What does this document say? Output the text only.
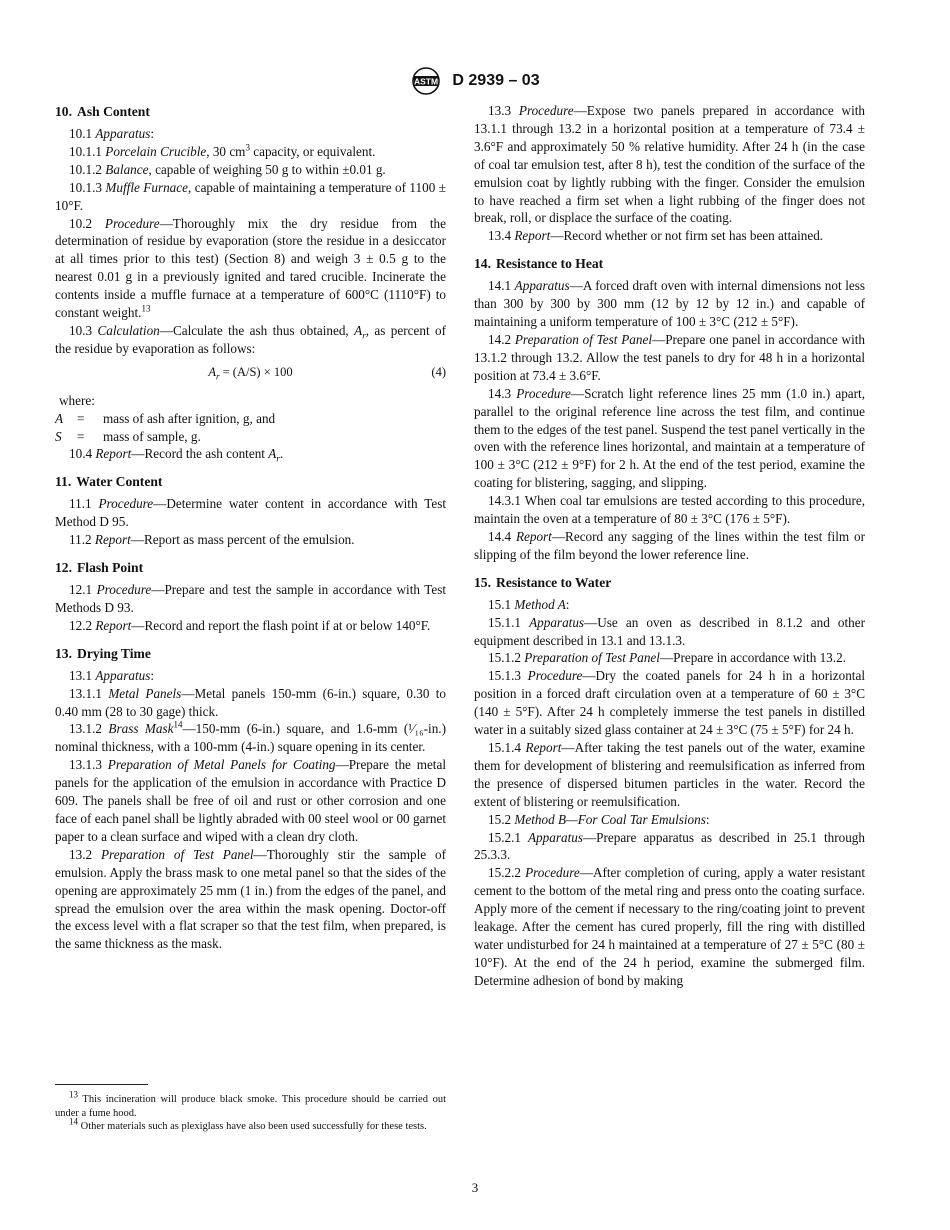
ASTM D 2939 – 03
10. Ash Content

10.1 Apparatus:

10.1.1 Porcelain Crucible, 30 $cm^3$ capacity, or equivalent.

10.1.2 Balance, capable of weighing 50 g to within ±0.01 g.

10.1.3 Muffle Furnace, capable of maintaining a temperature of 1100 ± 10°F.

10.2 Procedure—Thoroughly mix the dry residue from the determination of residue by evaporation (store the residue in a desiccator at all times prior to this test) (Section 8) and weigh 3 ± 0.5 g to the nearest 0.01 g in a previously ignited and tared crucible. Incinerate the contents inside a muffle furnace at a temperature of 600°C (1110°F) to constant weight.$^{13}$

10.3 Calculation—Calculate the ash thus obtained, $A_r$, as percent of the residue by evaporation as follows:

$A_r = (A/S) \times 100$	(4)

where:

A	=	mass of ash after ignition, g, and
S	=	mass of sample, g.

10.4 Report—Record the ash content $A_r$.

11. Water Content

11.1 Procedure—Determine water content in accordance with Test Method D 95.

11.2 Report—Report as mass percent of the emulsion.

12. Flash Point

12.1 Procedure—Prepare and test the sample in accordance with Test Methods D 93.

12.2 Report—Record and report the flash point if at or below 140°F.

13. Drying Time

13.1 Apparatus:

13.1.1 Metal Panels—Metal panels 150-mm (6-in.) square, 0.30 to 0.40 mm (28 to 30 gage) thick.

13.1.2 Brass Mask$^{14}$—150-mm (6-in.) square, and 1.6-mm (¹⁄₁₆-in.) nominal thickness, with a 100-mm (4-in.) square opening in its center.

13.1.3 Preparation of Metal Panels for Coating—Prepare the metal panels for the application of the emulsion in accordance with Practice D 609. The panels shall be free of oil and rust or other corrosion and one face of each panel shall be lightly abraded with 00 steel wool or 00 garnet paper to a clean surface and wiped with a clean dry cloth.

13.2 Preparation of Test Panel—Thoroughly stir the sample of emulsion. Apply the brass mask to one metal panel so that the sides of the opening are approximately 25 mm (1 in.) from the edges of the panel, and spread the emulsion over the area within the mask opening. Doctor-off the excess level with a flat scraper so that the test film, when prepared, is the same thickness as the mask.

13.3 Procedure—Expose two panels prepared in accordance with 13.1.1 through 13.2 in a horizontal position at a temperature of 73.4 ± 3.6°F and approximately 50 % relative humidity. After 24 h (in the case of coal tar emulsion test, after 8 h), test the condition of the surface of the emulsion coat by lightly rubbing with the finger. Consider the emulsion to have reached a firm set when a light rubbing of the finger does not break, roll, or displace the surface of the coating.

13.4 Report—Record whether or not firm set has been attained.

14. Resistance to Heat

14.1 Apparatus—A forced draft oven with internal dimensions not less than 300 by 300 by 300 mm (12 by 12 by 12 in.) and capable of maintaining a uniform temperature of 100 ± 3°C (212 ± 5°F).

14.2 Preparation of Test Panel—Prepare one panel in accordance with 13.1.2 through 13.2. Allow the test panels to dry for 48 h in a horizontal position at 73.4 ± 3.6°F.

14.3 Procedure—Scratch light reference lines 25 mm (1.0 in.) apart, parallel to the original reference line across the test film, and continue them to the edges of the test panel. Suspend the test panel vertically in the oven with the reference lines horizontal, and maintain at a temperature of 100 ± 3°C (212 ± 9°F) for 2 h. At the end of the test period, examine the coating for blistering, sagging, and slipping.

14.3.1 When coal tar emulsions are tested according to this procedure, maintain the oven at a temperature of 80 ± 3°C (176 ± 5°F).

14.4 Report—Record any sagging of the lines within the test film or slipping of the film beyond the lower reference line.

15. Resistance to Water

15.1 Method A:

15.1.1 Apparatus—Use an oven as described in 8.1.2 and other equipment described in 13.1 and 13.1.3.

15.1.2 Preparation of Test Panel—Prepare in accordance with 13.2.

15.1.3 Procedure—Dry the coated panels for 24 h in a horizontal position in a forced draft circulation oven at a temperature of 60 ± 3°C (140 ± 5°F). After 24 h completely immerse the test panels in distilled water in a suitably sized glass container at 24 ± 3°C (75 ± 5°F) for 24 h.

15.1.4 Report—After taking the test panels out of the water, examine them for development of blistering and reemulsification as inferred from the presence of dispersed bitumen particles in the water. Record the extent of blistering or reemulsification.

15.2 Method B—For Coal Tar Emulsions:

15.2.1 Apparatus—Prepare apparatus as described in 25.1 through 25.3.3.

15.2.2 Procedure—After completion of curing, apply a water resistant cement to the bottom of the metal ring and press onto the coating surface. Apply more of the cement if necessary to the ring/coating joint to prevent leakage. After the cement has cured properly, fill the ring with distilled water undisturbed for 24 h maintained at a temperature of 27 ± 5°C (80 ± 10°F). At the end of the 24 h period, examine the submerged film. Determine adhesion of bond by making

$^{13}$ This incineration will produce black smoke. This procedure should be carried out under a fume hood.

$^{14}$ Other materials such as plexiglass have also been used successfully for these tests.

3
